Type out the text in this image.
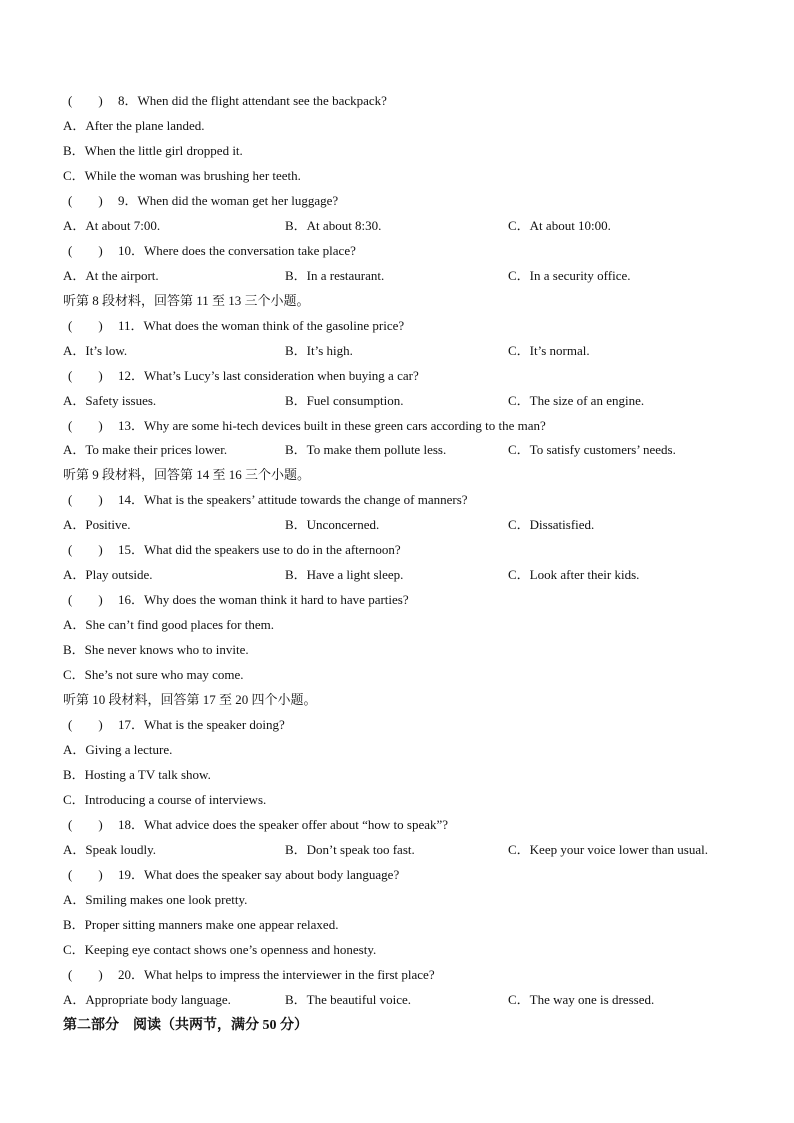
(　　) 8．When did the flight attendant see the backpack?
A．After the plane landed.
B．When the little girl dropped it.
C．While the woman was brushing her teeth.
(　　) 9．When did the woman get her luggage?
A．At about 7:00.	B．At about 8:30.	C．At about 10:00.
(　　) 10．Where does the conversation take place?
A．At the airport.	B．In a restaurant.	C．In a security office.
听第 8 段材料，回答第 11 至 13 三个小题。
(　　) 11．What does the woman think of the gasoline price?
A．It’s low.	B．It’s high.	C．It’s normal.
(　　) 12．What’s Lucy’s last consideration when buying a car?
A．Safety issues.	B．Fuel consumption.	C．The size of an engine.
(　　) 13．Why are some hi-tech devices built in these green cars according to the man?
A．To make their prices lower.	B．To make them pollute less.	C．To satisfy customers’ needs.
听第 9 段材料，回答第 14 至 16 三个小题。
(　　) 14．What is the speakers’ attitude towards the change of manners?
A．Positive.	B．Unconcerned.	C．Dissatisfied.
(　　) 15．What did the speakers use to do in the afternoon?
A．Play outside.	B．Have a light sleep.	C．Look after their kids.
(　　) 16．Why does the woman think it hard to have parties?
A．She can’t find good places for them.
B．She never knows who to invite.
C．She’s not sure who may come.
听第 10 段材料，回答第 17 至 20 四个小题。
(　　) 17．What is the speaker doing?
A．Giving a lecture.
B．Hosting a TV talk show.
C．Introducing a course of interviews.
(　　) 18．What advice does the speaker offer about “how to speak”?
A．Speak loudly.	B．Don’t speak too fast.	C．Keep your voice lower than usual.
(　　) 19．What does the speaker say about body language?
A．Smiling makes one look pretty.
B．Proper sitting manners make one appear relaxed.
C．Keeping eye contact shows one’s openness and honesty.
(　　) 20．What helps to impress the interviewer in the first place?
A．Appropriate body language.	B．The beautiful voice.	C．The way one is dressed.
第二部分　阅读（共两节，满分 50 分）
